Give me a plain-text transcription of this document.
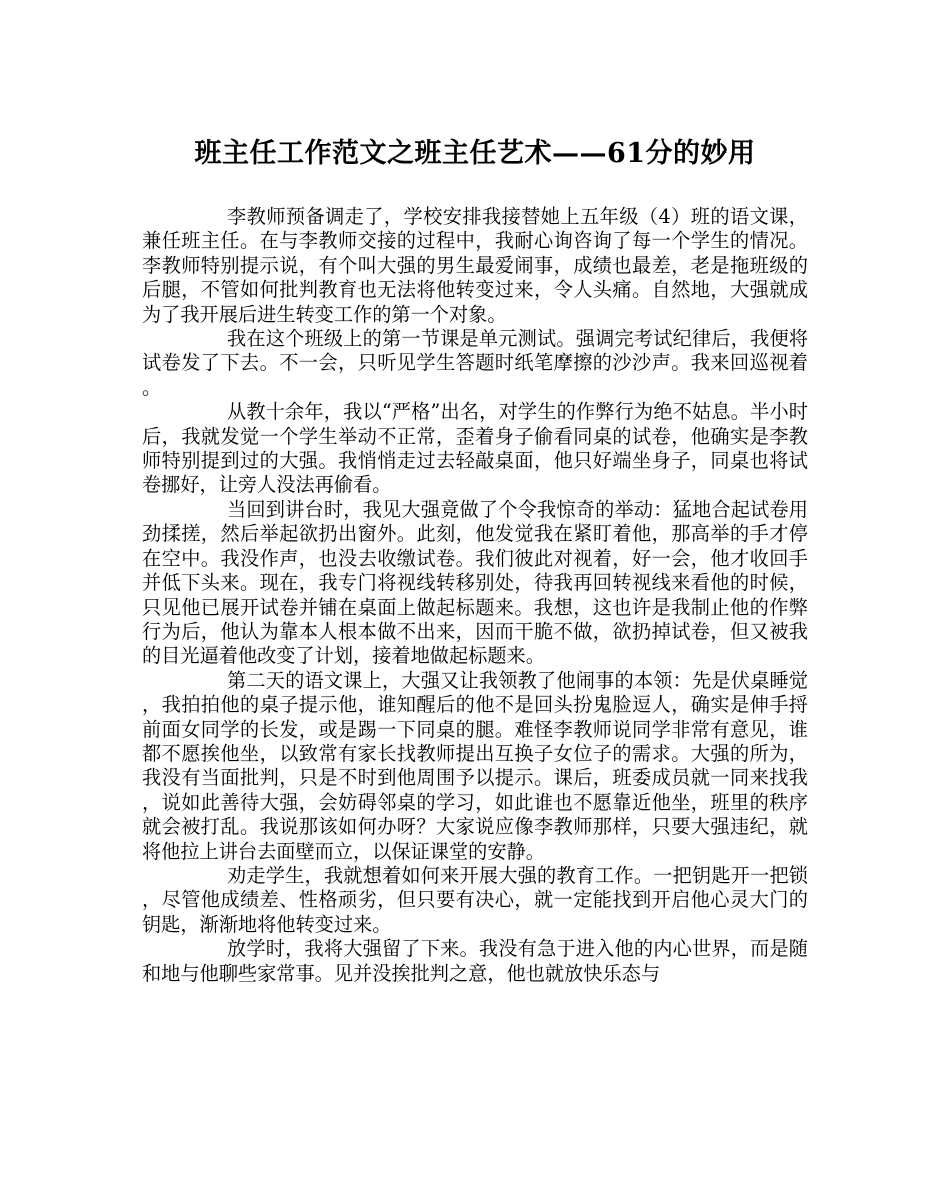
班主任工作范文之班主任艺术——61分的妙用

李教师预备调走了，学校安排我接替她上五年级（4）班的语文课，兼任班主任。在与李教师交接的过程中，我耐心询咨询了每一个学生的情况。李教师特别提示说，有个叫大强的男生最爱闹事，成绩也最差，老是拖班级的后腿，不管如何批判教育也无法将他转变过来，令人头痛。自然地，大强就成为了我开展后进生转变工作的第一个对象。

我在这个班级上的第一节课是单元测试。强调完考试纪律后，我便将试卷发了下去。不一会，只听见学生答题时纸笔摩擦的沙沙声。我来回巡视着。

从教十余年，我以“严格”出名，对学生的作弊行为绝不姑息。半小时后，我就发觉一个学生举动不正常，歪着身子偷看同桌的试卷，他确实是李教师特别提到过的大强。我悄悄走过去轻敲桌面，他只好端坐身子，同桌也将试卷挪好，让旁人没法再偷看。

当回到讲台时，我见大强竟做了个令我惊奇的举动：猛地合起试卷用劲揉搓，然后举起欲扔出窗外。此刻，他发觉我在紧盯着他，那高举的手才停在空中。我没作声，也没去收缴试卷。我们彼此对视着，好一会，他才收回手并低下头来。现在，我专门将视线转移别处，待我再回转视线来看他的时候，只见他已展开试卷并铺在桌面上做起标题来。我想，这也许是我制止他的作弊行为后，他认为靠本人根本做不出来，因而干脆不做，欲扔掉试卷，但又被我的目光逼着他改变了计划，接着地做起标题来。

第二天的语文课上，大强又让我领教了他闹事的本领：先是伏桌睡觉，我拍拍他的桌子提示他，谁知醒后的他不是回头扮鬼脸逗人，确实是伸手捋前面女同学的长发，或是踢一下同桌的腿。难怪李教师说同学非常有意见，谁都不愿挨他坐，以致常有家长找教师提出互换子女位子的需求。大强的所为，我没有当面批判，只是不时到他周围予以提示。课后，班委成员就一同来找我，说如此善待大强，会妨碍邻桌的学习，如此谁也不愿靠近他坐，班里的秩序就会被打乱。我说那该如何办呀？大家说应像李教师那样，只要大强违纪，就将他拉上讲台去面壁而立，以保证课堂的安静。

劝走学生，我就想着如何来开展大强的教育工作。一把钥匙开一把锁，尽管他成绩差、性格顽劣，但只要有决心，就一定能找到开启他心灵大门的钥匙，渐渐地将他转变过来。

放学时，我将大强留了下来。我没有急于进入他的内心世界，而是随和地与他聊些家常事。见并没挨批判之意，他也就放快乐态与
